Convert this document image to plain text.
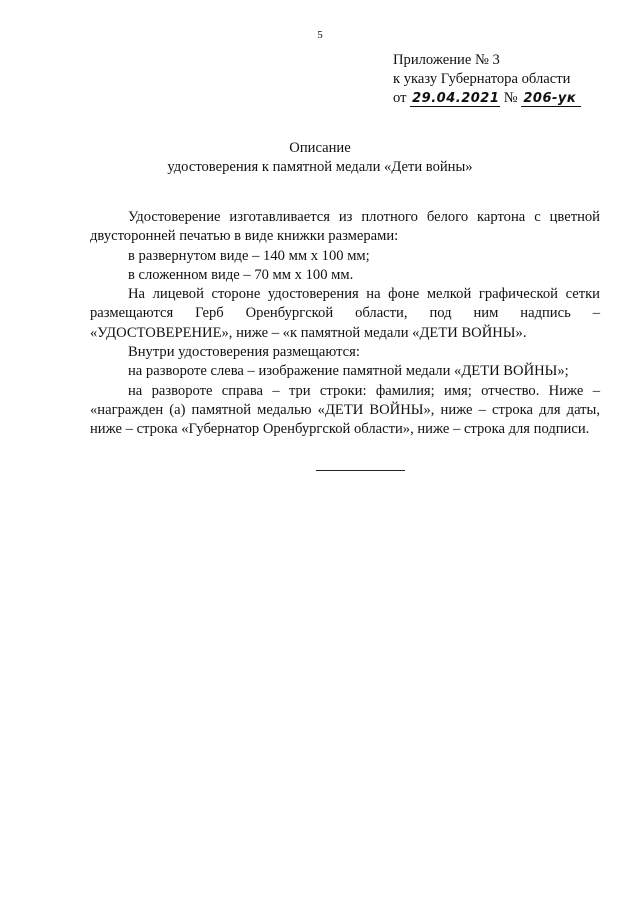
5
Приложение № 3
к указу Губернатора области
от 29.04.2021 № 206-ук
Описание
удостоверения к памятной медали «Дети войны»

Удостоверение изготавливается из плотного белого картона с цветной двусторонней печатью в виде книжки размерами:

в развернутом виде – 140 мм х 100 мм;

в сложенном виде – 70 мм х 100 мм.

На лицевой стороне удостоверения на фоне мелкой графической сетки размещаются Герб Оренбургской области, под ним надпись – «УДОСТОВЕРЕНИЕ», ниже – «к памятной медали «ДЕТИ ВОЙНЫ».

Внутри удостоверения размещаются:

на развороте слева – изображение памятной медали «ДЕТИ ВОЙНЫ»;

на развороте справа – три строки: фамилия; имя; отчество. Ниже – «награжден (а) памятной медалью «ДЕТИ ВОЙНЫ», ниже – строка для даты, ниже – строка «Губернатор Оренбургской области», ниже – строка для подписи.
